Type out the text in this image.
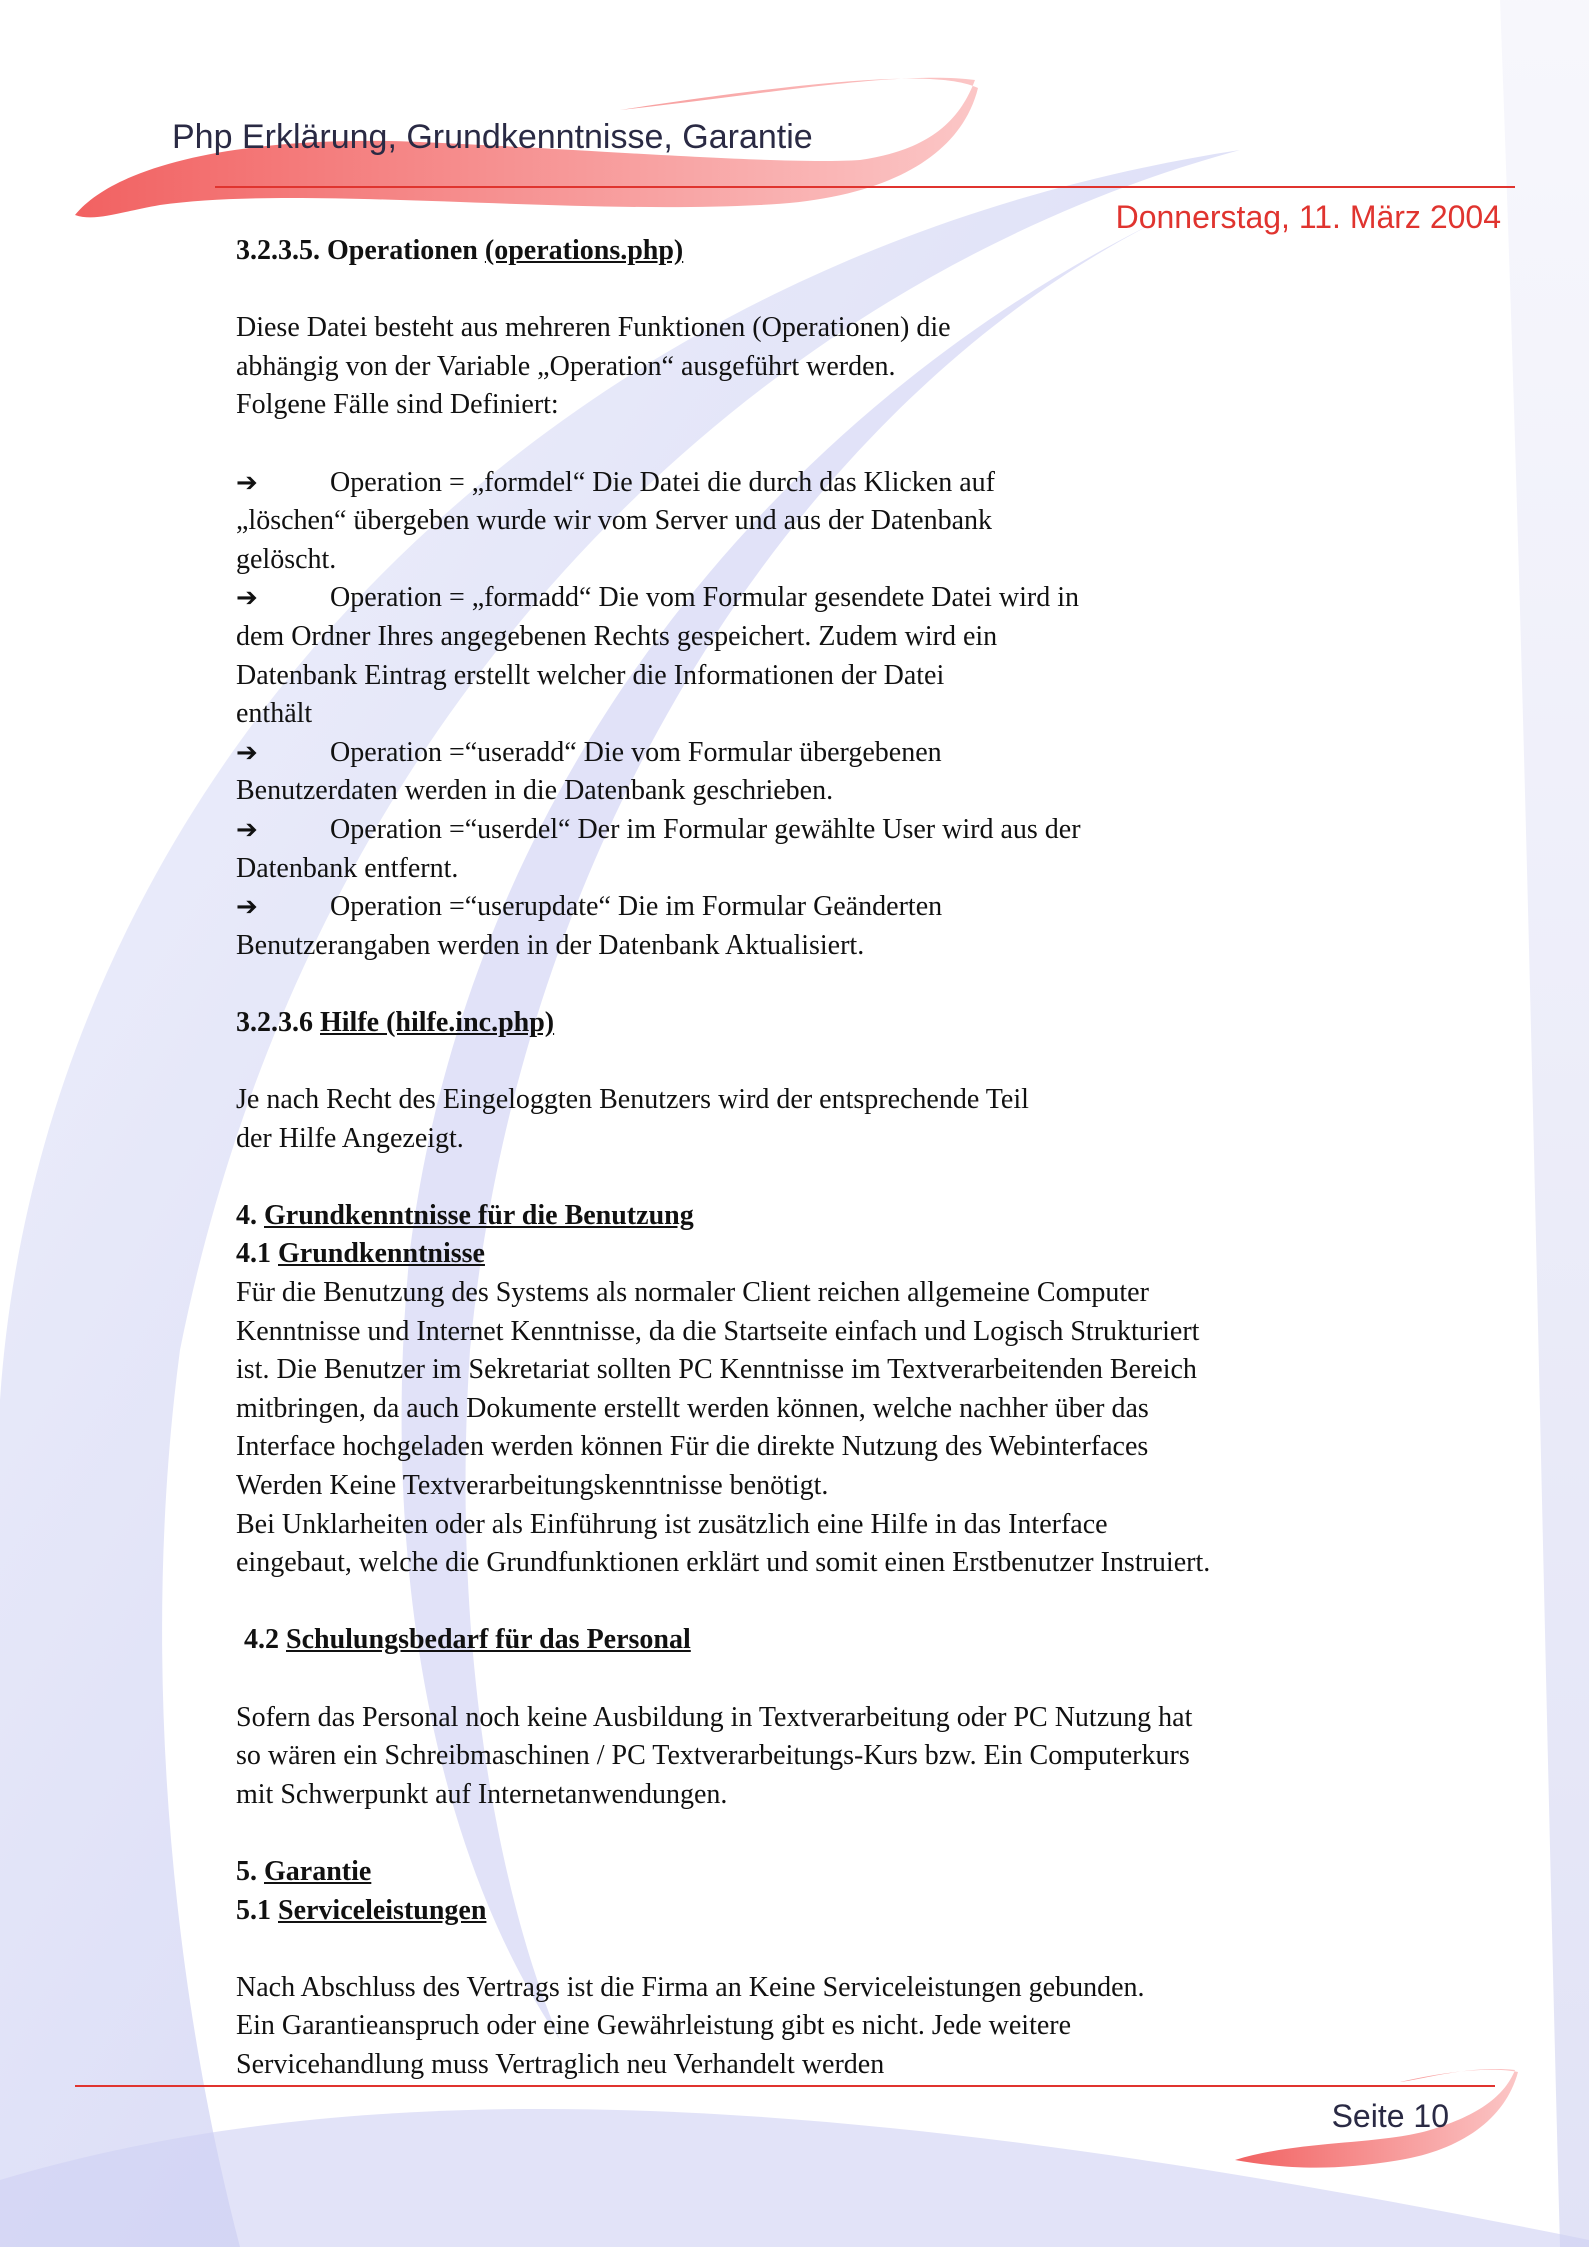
Php Erklärung, Grundkenntnisse, Garantie
Donnerstag, 11. März 2004

3.2.3.5. Operationen (operations.php)

Diese Datei besteht aus mehreren Funktionen (Operationen) die

abhängig von der Variable „Operation“ ausgeführt werden.

Folgene Fälle sind Definiert:

➔	Operation = „formdel“ Die Datei die durch das Klicken auf

„löschen“ übergeben wurde wir vom Server und aus der Datenbank

gelöscht.

➔	Operation = „formadd“ Die vom Formular gesendete Datei wird in

dem Ordner Ihres angegebenen Rechts gespeichert. Zudem wird ein

Datenbank Eintrag erstellt welcher die Informationen der Datei

enthält

➔	Operation =“useradd“ Die vom Formular übergebenen

Benutzerdaten werden in die Datenbank geschrieben.

➔	Operation =“userdel“ Der im Formular gewählte User wird aus der

Datenbank entfernt.

➔	Operation =“userupdate“ Die im Formular Geänderten

Benutzerangaben werden in der Datenbank Aktualisiert.

3.2.3.6 Hilfe (hilfe.inc.php)

Je nach Recht des Eingeloggten Benutzers wird der entsprechende Teil

der Hilfe Angezeigt.

4. Grundkenntnisse für die Benutzung

4.1 Grundkenntnisse

Für die Benutzung des Systems als normaler Client reichen allgemeine Computer

Kenntnisse und Internet Kenntnisse, da die Startseite einfach und Logisch Strukturiert

ist. Die Benutzer im Sekretariat sollten PC Kenntnisse im Textverarbeitenden Bereich

mitbringen, da auch Dokumente erstellt werden können, welche nachher über das

Interface hochgeladen werden können Für die direkte Nutzung des Webinterfaces

Werden Keine Textverarbeitungskenntnisse benötigt.

Bei Unklarheiten oder als Einführung ist zusätzlich eine Hilfe in das Interface

eingebaut, welche die Grundfunktionen erklärt und somit einen Erstbenutzer Instruiert.

4.2 Schulungsbedarf für das Personal

Sofern das Personal noch keine Ausbildung in Textverarbeitung oder PC Nutzung hat

so wären ein Schreibmaschinen / PC Textverarbeitungs-Kurs bzw. Ein Computerkurs

mit Schwerpunkt auf Internetanwendungen.

5. Garantie

5.1 Serviceleistungen

Nach Abschluss des Vertrags ist die Firma an Keine Serviceleistungen gebunden.

Ein Garantieanspruch oder eine Gewährleistung gibt es nicht. Jede weitere

Servicehandlung muss Vertraglich neu Verhandelt werden

Seite 10
